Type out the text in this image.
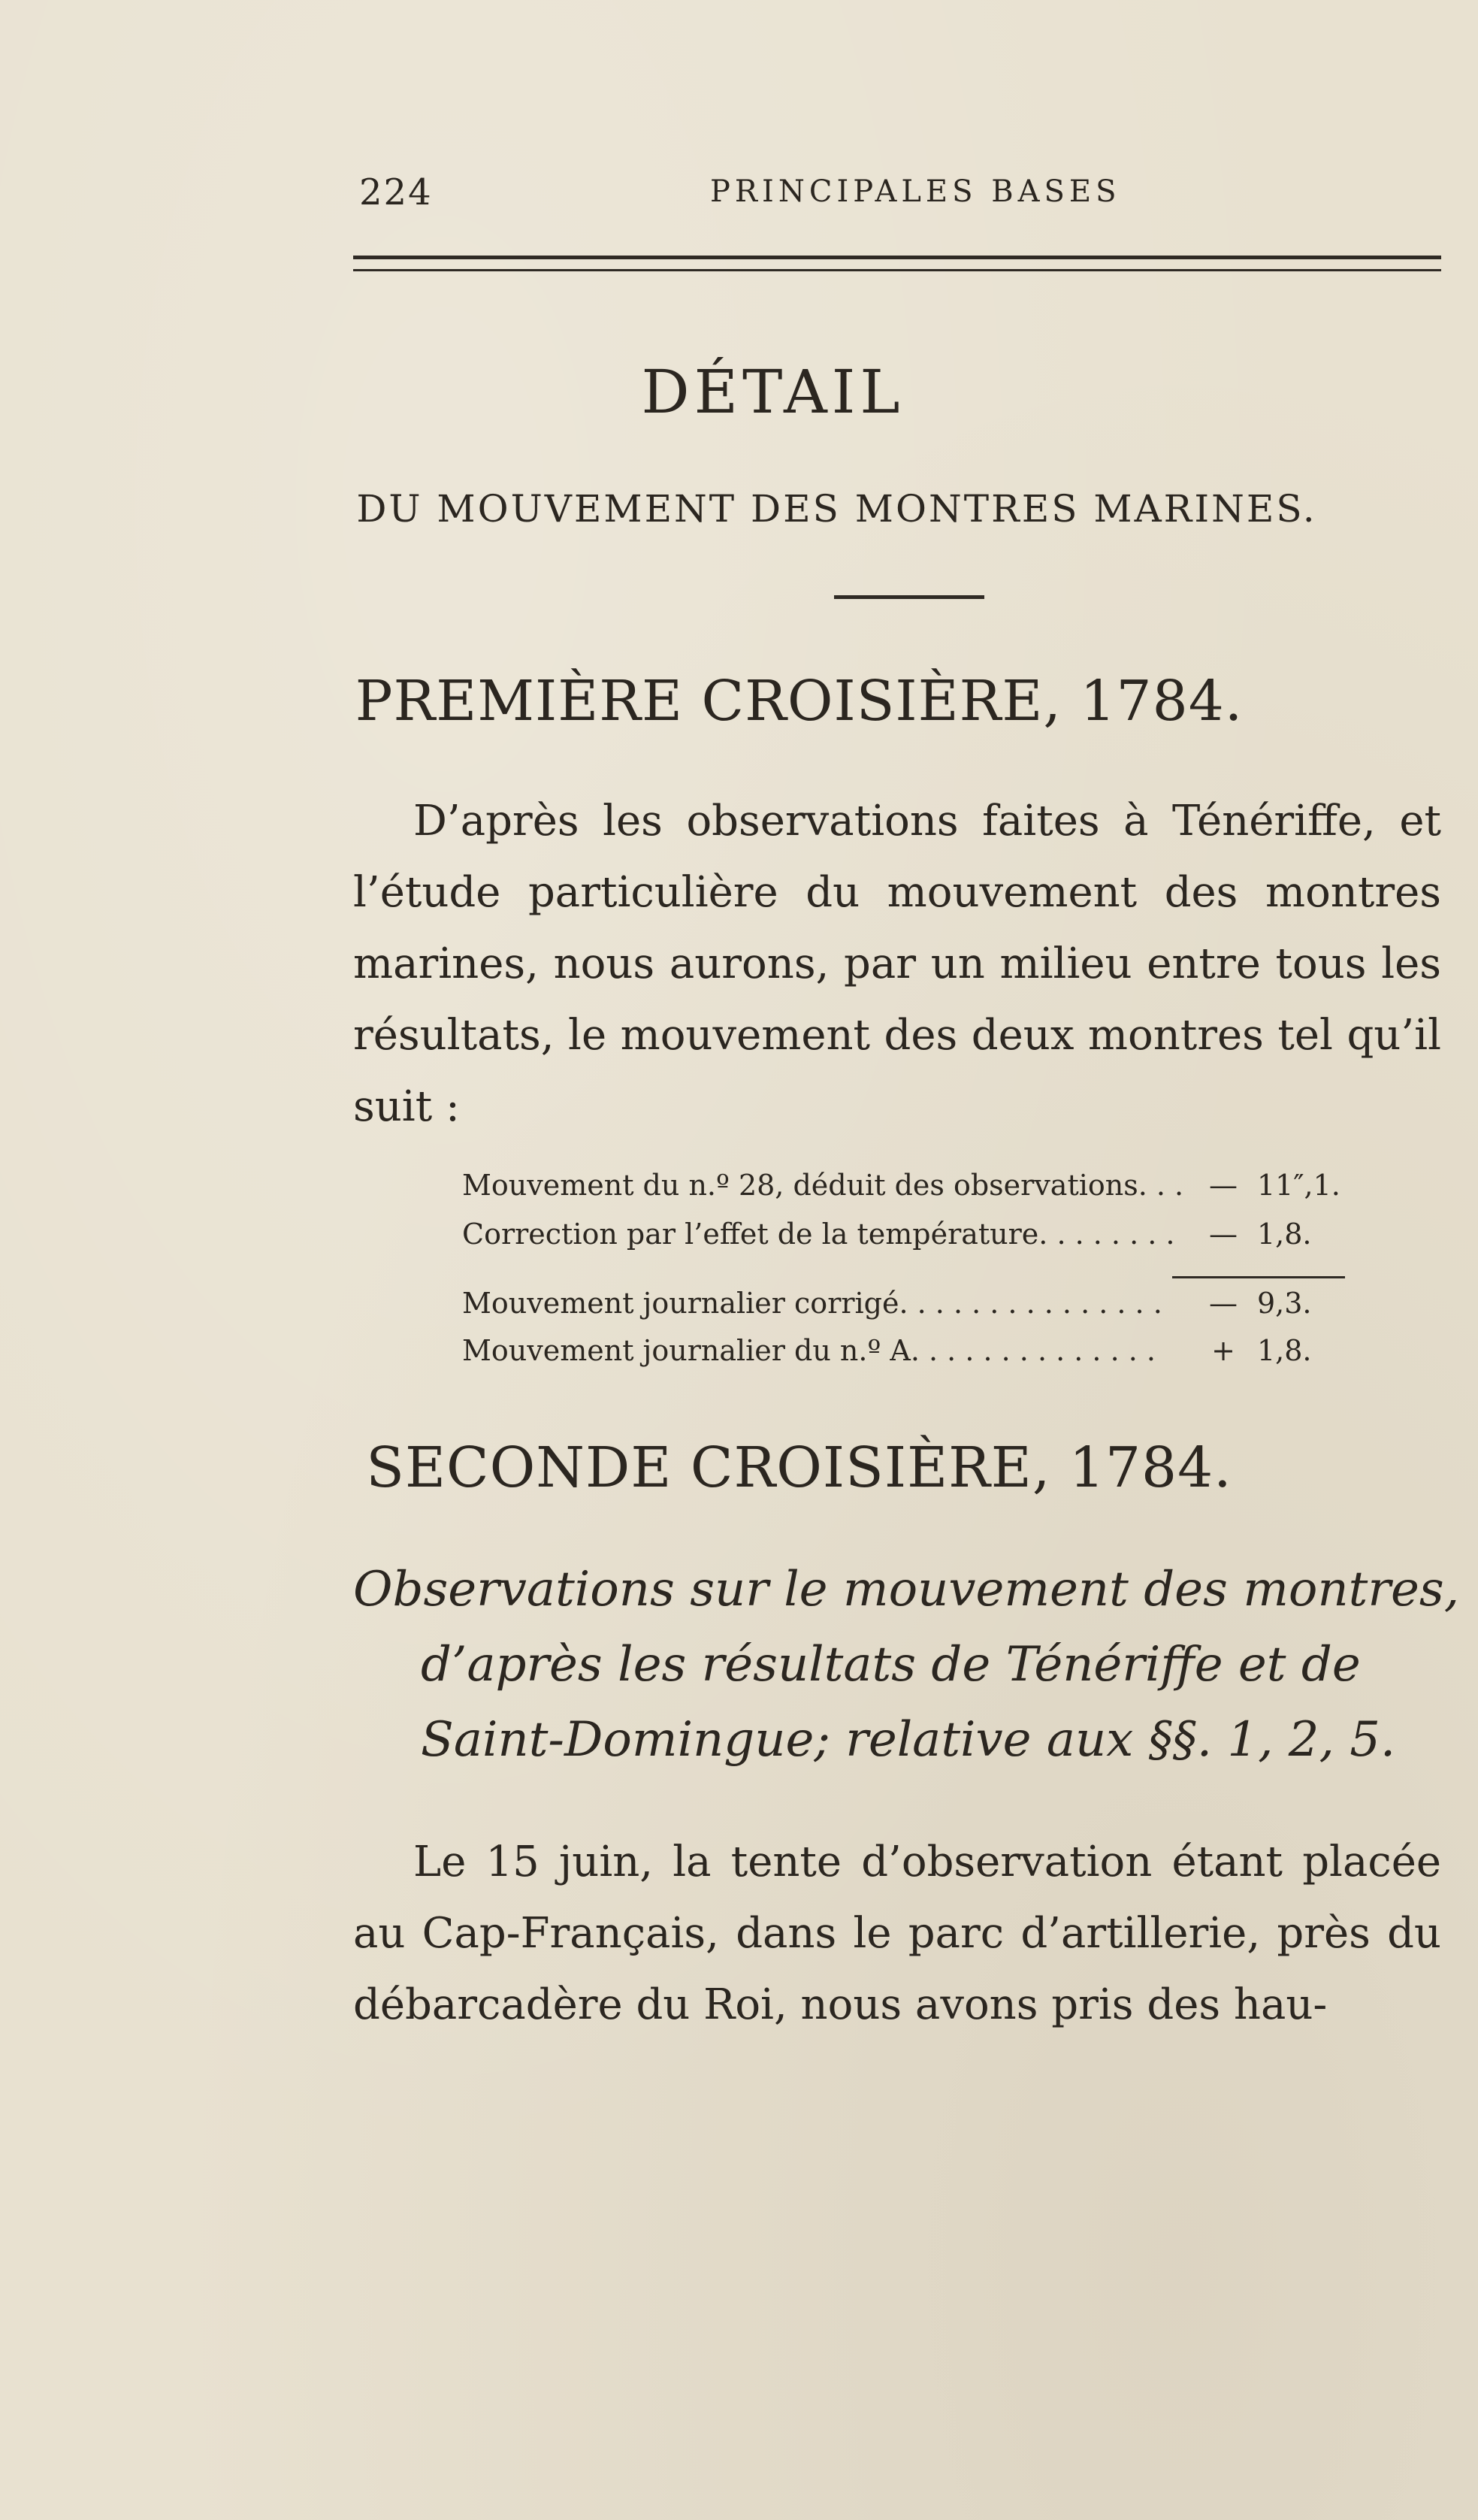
224	PRINCIPALES BASES
DÉTAIL
DU MOUVEMENT DES MONTRES MARINES.
PREMIÈRE CROISIÈRE, 1784.
D’après les observations faites à Ténériffe, et l’étude particulière du mouvement des montres marines, nous aurons, par un milieu entre tous les résultats, le mouvement des deux montres tel qu’il suit :
Mouvement du n.º 28, déduit des observations. . . — 11″,1.
Correction par l’effet de la température. . . . . . . .	— 1,8.
Mouvement journalier corrigé. . . . . . . . . . . . . . .	— 9,3.
Mouvement journalier du n.º A. . . . . . . . . . . . . .	+ 1,8.
SECONDE CROISIÈRE, 1784.
Observations sur le mouvement des montres,
d’après les résultats de Ténériffe et de
Saint-Domingue; relative aux §§. 1, 2, 5.
Le 15 juin, la tente d’observation étant placée au Cap-Français, dans le parc d’artillerie, près du débarcadère du Roi, nous avons pris des hau-
